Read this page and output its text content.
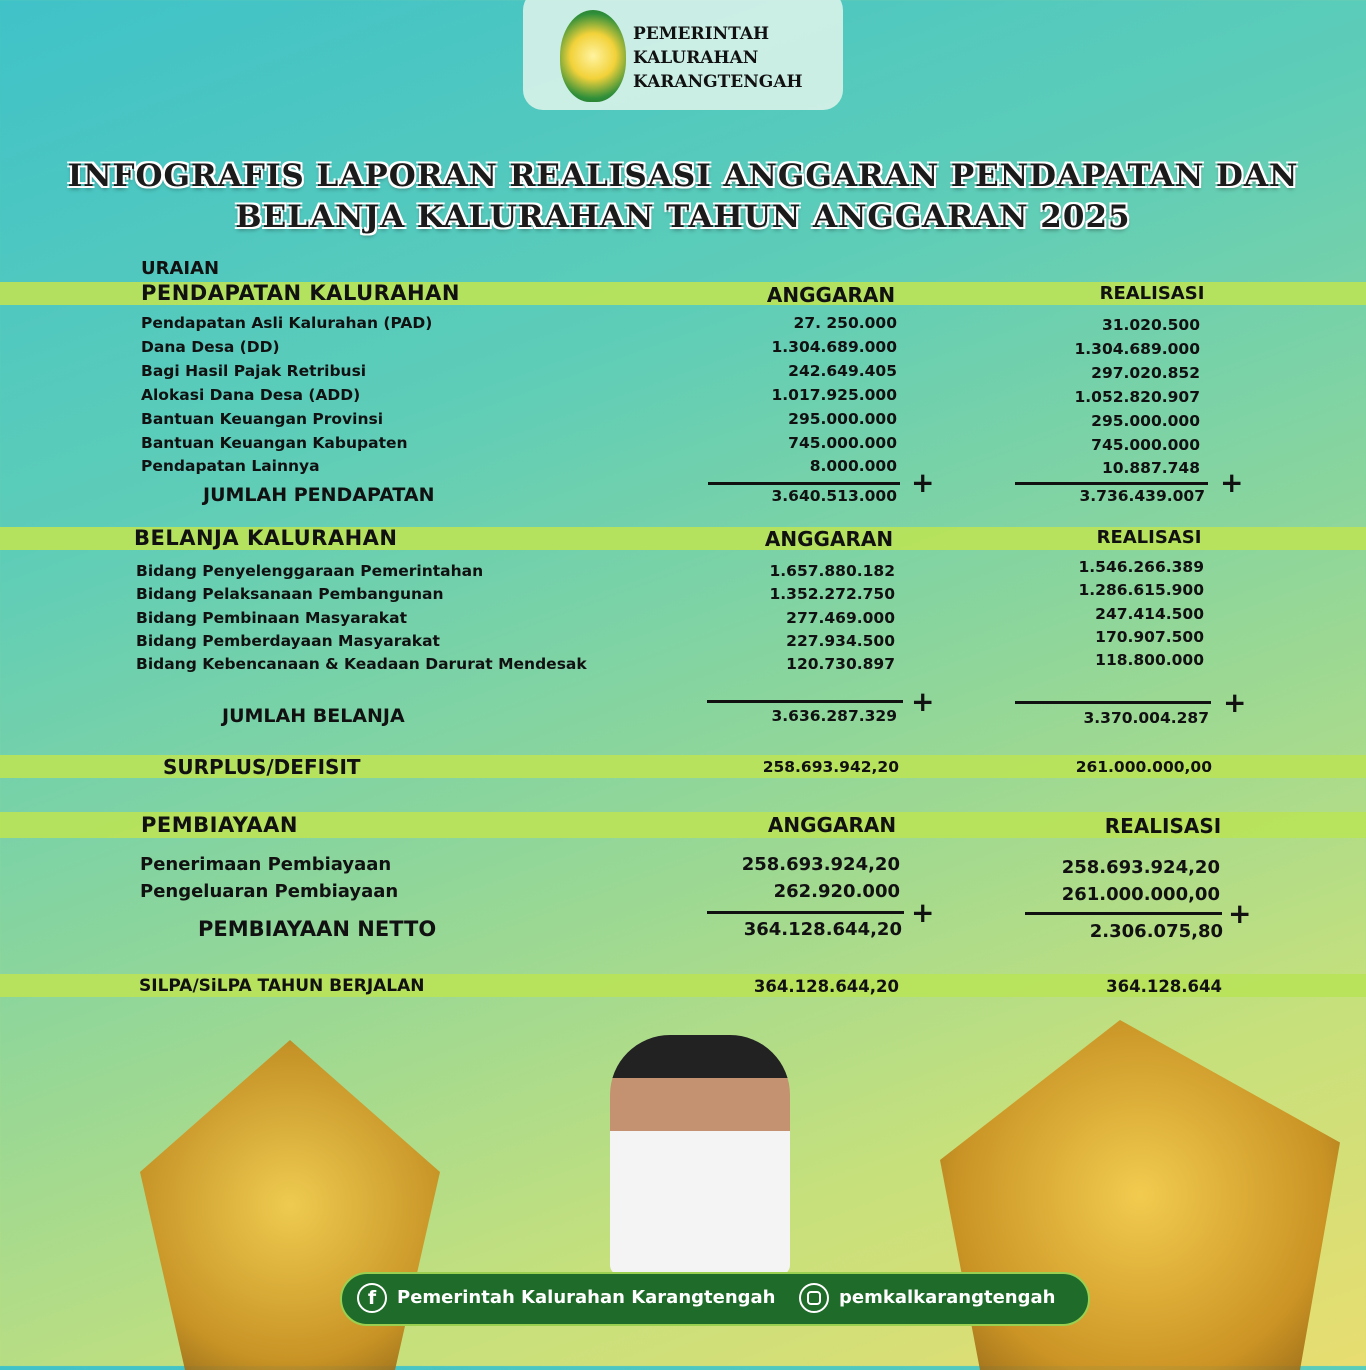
PEMERINTAH
KALURAHAN
KARANGTENGAH
INFOGRAFIS LAPORAN REALISASI ANGGARAN PENDAPATAN DAN
BELANJA KALURAHAN TAHUN ANGGARAN 2025
URAIAN
PENDAPATAN KALURAHAN	ANGGARAN	REALISASI
Pendapatan Asli Kalurahan (PAD)	27. 250.000	31.020.500
Dana Desa (DD)	1.304.689.000	1.304.689.000
Bagi Hasil Pajak Retribusi	242.649.405	297.020.852
Alokasi Dana Desa (ADD)	1.017.925.000	1.052.820.907
Bantuan Keuangan Provinsi	295.000.000	295.000.000
Bantuan Keuangan Kabupaten	745.000.000	745.000.000
Pendapatan Lainnya	8.000.000	10.887.748
+	+
JUMLAH PENDAPATAN	3.640.513.000	3.736.439.007
BELANJA KALURAHAN	ANGGARAN	REALISASI
Bidang Penyelenggaraan Pemerintahan	1.657.880.182	1.546.266.389
Bidang Pelaksanaan Pembangunan	1.352.272.750	1.286.615.900
Bidang Pembinaan Masyarakat	277.469.000	247.414.500
Bidang Pemberdayaan Masyarakat	227.934.500	170.907.500
Bidang Kebencanaan & Keadaan Darurat Mendesak	120.730.897	118.800.000
+	+
JUMLAH BELANJA	3.636.287.329	3.370.004.287
SURPLUS/DEFISIT	258.693.942,20	261.000.000,00
PEMBIAYAAN	ANGGARAN	REALISASI
Penerimaan Pembiayaan	258.693.924,20	258.693.924,20
Pengeluaran Pembiayaan	262.920.000	261.000.000,00
+	+
PEMBIAYAAN NETTO	364.128.644,20	2.306.075,80
SILPA/SiLPA TAHUN BERJALAN	364.128.644,20	364.128.644
f	Pemerintah Kalurahan Karangtengah	pemkalkarangtengah
